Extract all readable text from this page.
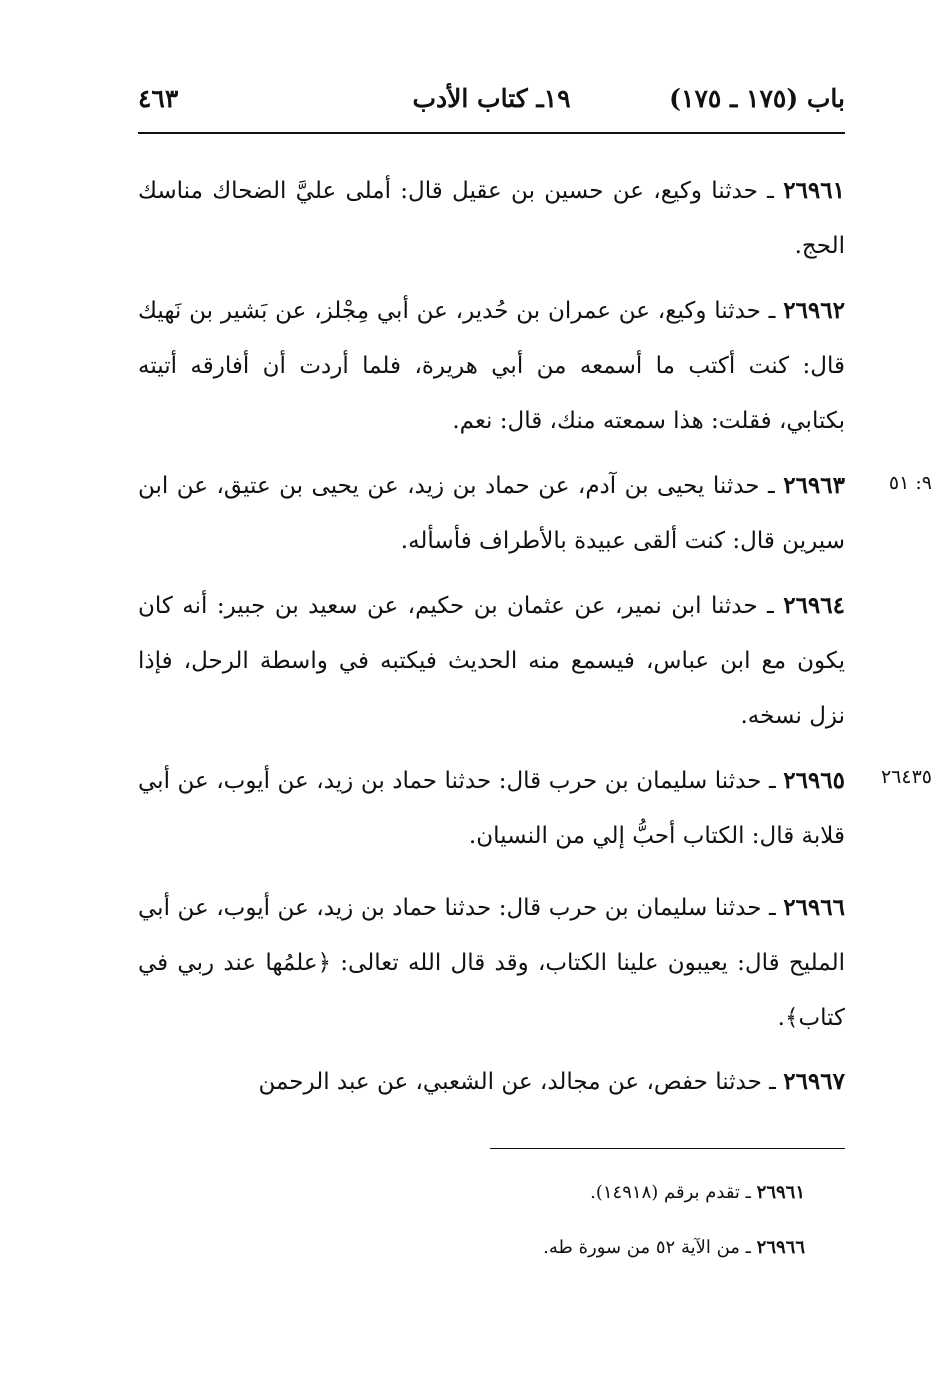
باب (١٧٥ ـ ١٧٥)
١٩ـ كتاب الأدب
٤٦٣
٢٦٩٦١ ـ حدثنا وكيع، عن حسين بن عقيل قال: أملى عليَّ الضحاك مناسك الحج.
٢٦٩٦٢ ـ حدثنا وكيع، عن عمران بن حُدير، عن أبي مِجْلز، عن بَشير بن نَهيك قال: كنت أكتب ما أسمعه من أبي هريرة، فلما أردت أن أفارقه أتيته بكتابي، فقلت: هذا سمعته منك، قال: نعم.
٩: ٥١
٢٦٩٦٣ ـ حدثنا يحيى بن آدم، عن حماد بن زيد، عن يحيى بن عتيق، عن ابن سيرين قال: كنت ألقى عبيدة بالأطراف فأسأله.
٢٦٩٦٤ ـ حدثنا ابن نمير، عن عثمان بن حكيم، عن سعيد بن جبير: أنه كان يكون مع ابن عباس، فيسمع منه الحديث فيكتبه في واسطة الرحل، فإذا نزل نسخه.
٢٦٤٣٥
٢٦٩٦٥ ـ حدثنا سليمان بن حرب قال: حدثنا حماد بن زيد، عن أيوب، عن أبي قلابة قال: الكتاب أحبُّ إلي من النسيان.
٢٦٩٦٦ ـ حدثنا سليمان بن حرب قال: حدثنا حماد بن زيد، عن أيوب، عن أبي المليح قال: يعيبون علينا الكتاب، وقد قال الله تعالى: ﴿علمُها عند ربي في كتاب﴾.
٢٦٩٦٧ ـ حدثنا حفص، عن مجالد، عن الشعبي، عن عبد الرحمن
٢٦٩٦١ ـ تقدم برقم (١٤٩١٨).
٢٦٩٦٦ ـ من الآية ٥٢ من سورة طه.
